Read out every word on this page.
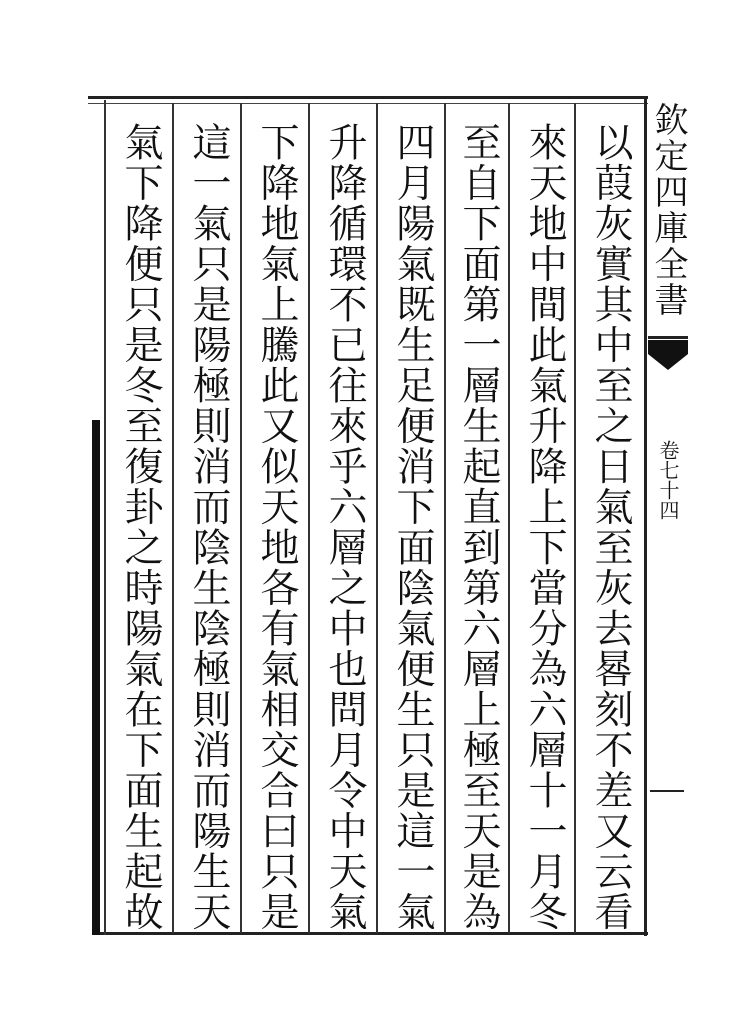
以葭灰實其中至之日氣至灰去晷刻不差又云看
來天地中間此氣升降上下當分為六層十一月冬
至自下面第一層生起直到第六層上極至天是為
四月陽氣既生足便消下面陰氣便生只是這一氣
升降循環不已往來乎六層之中也問月令中天氣
下降地氣上騰此又似天地各有氣相交合曰只是
這一氣只是陽極則消而陰生陰極則消而陽生天
氣下降便只是冬至復卦之時陽氣在下面生起故	欽定四庫全書
卷七十四
